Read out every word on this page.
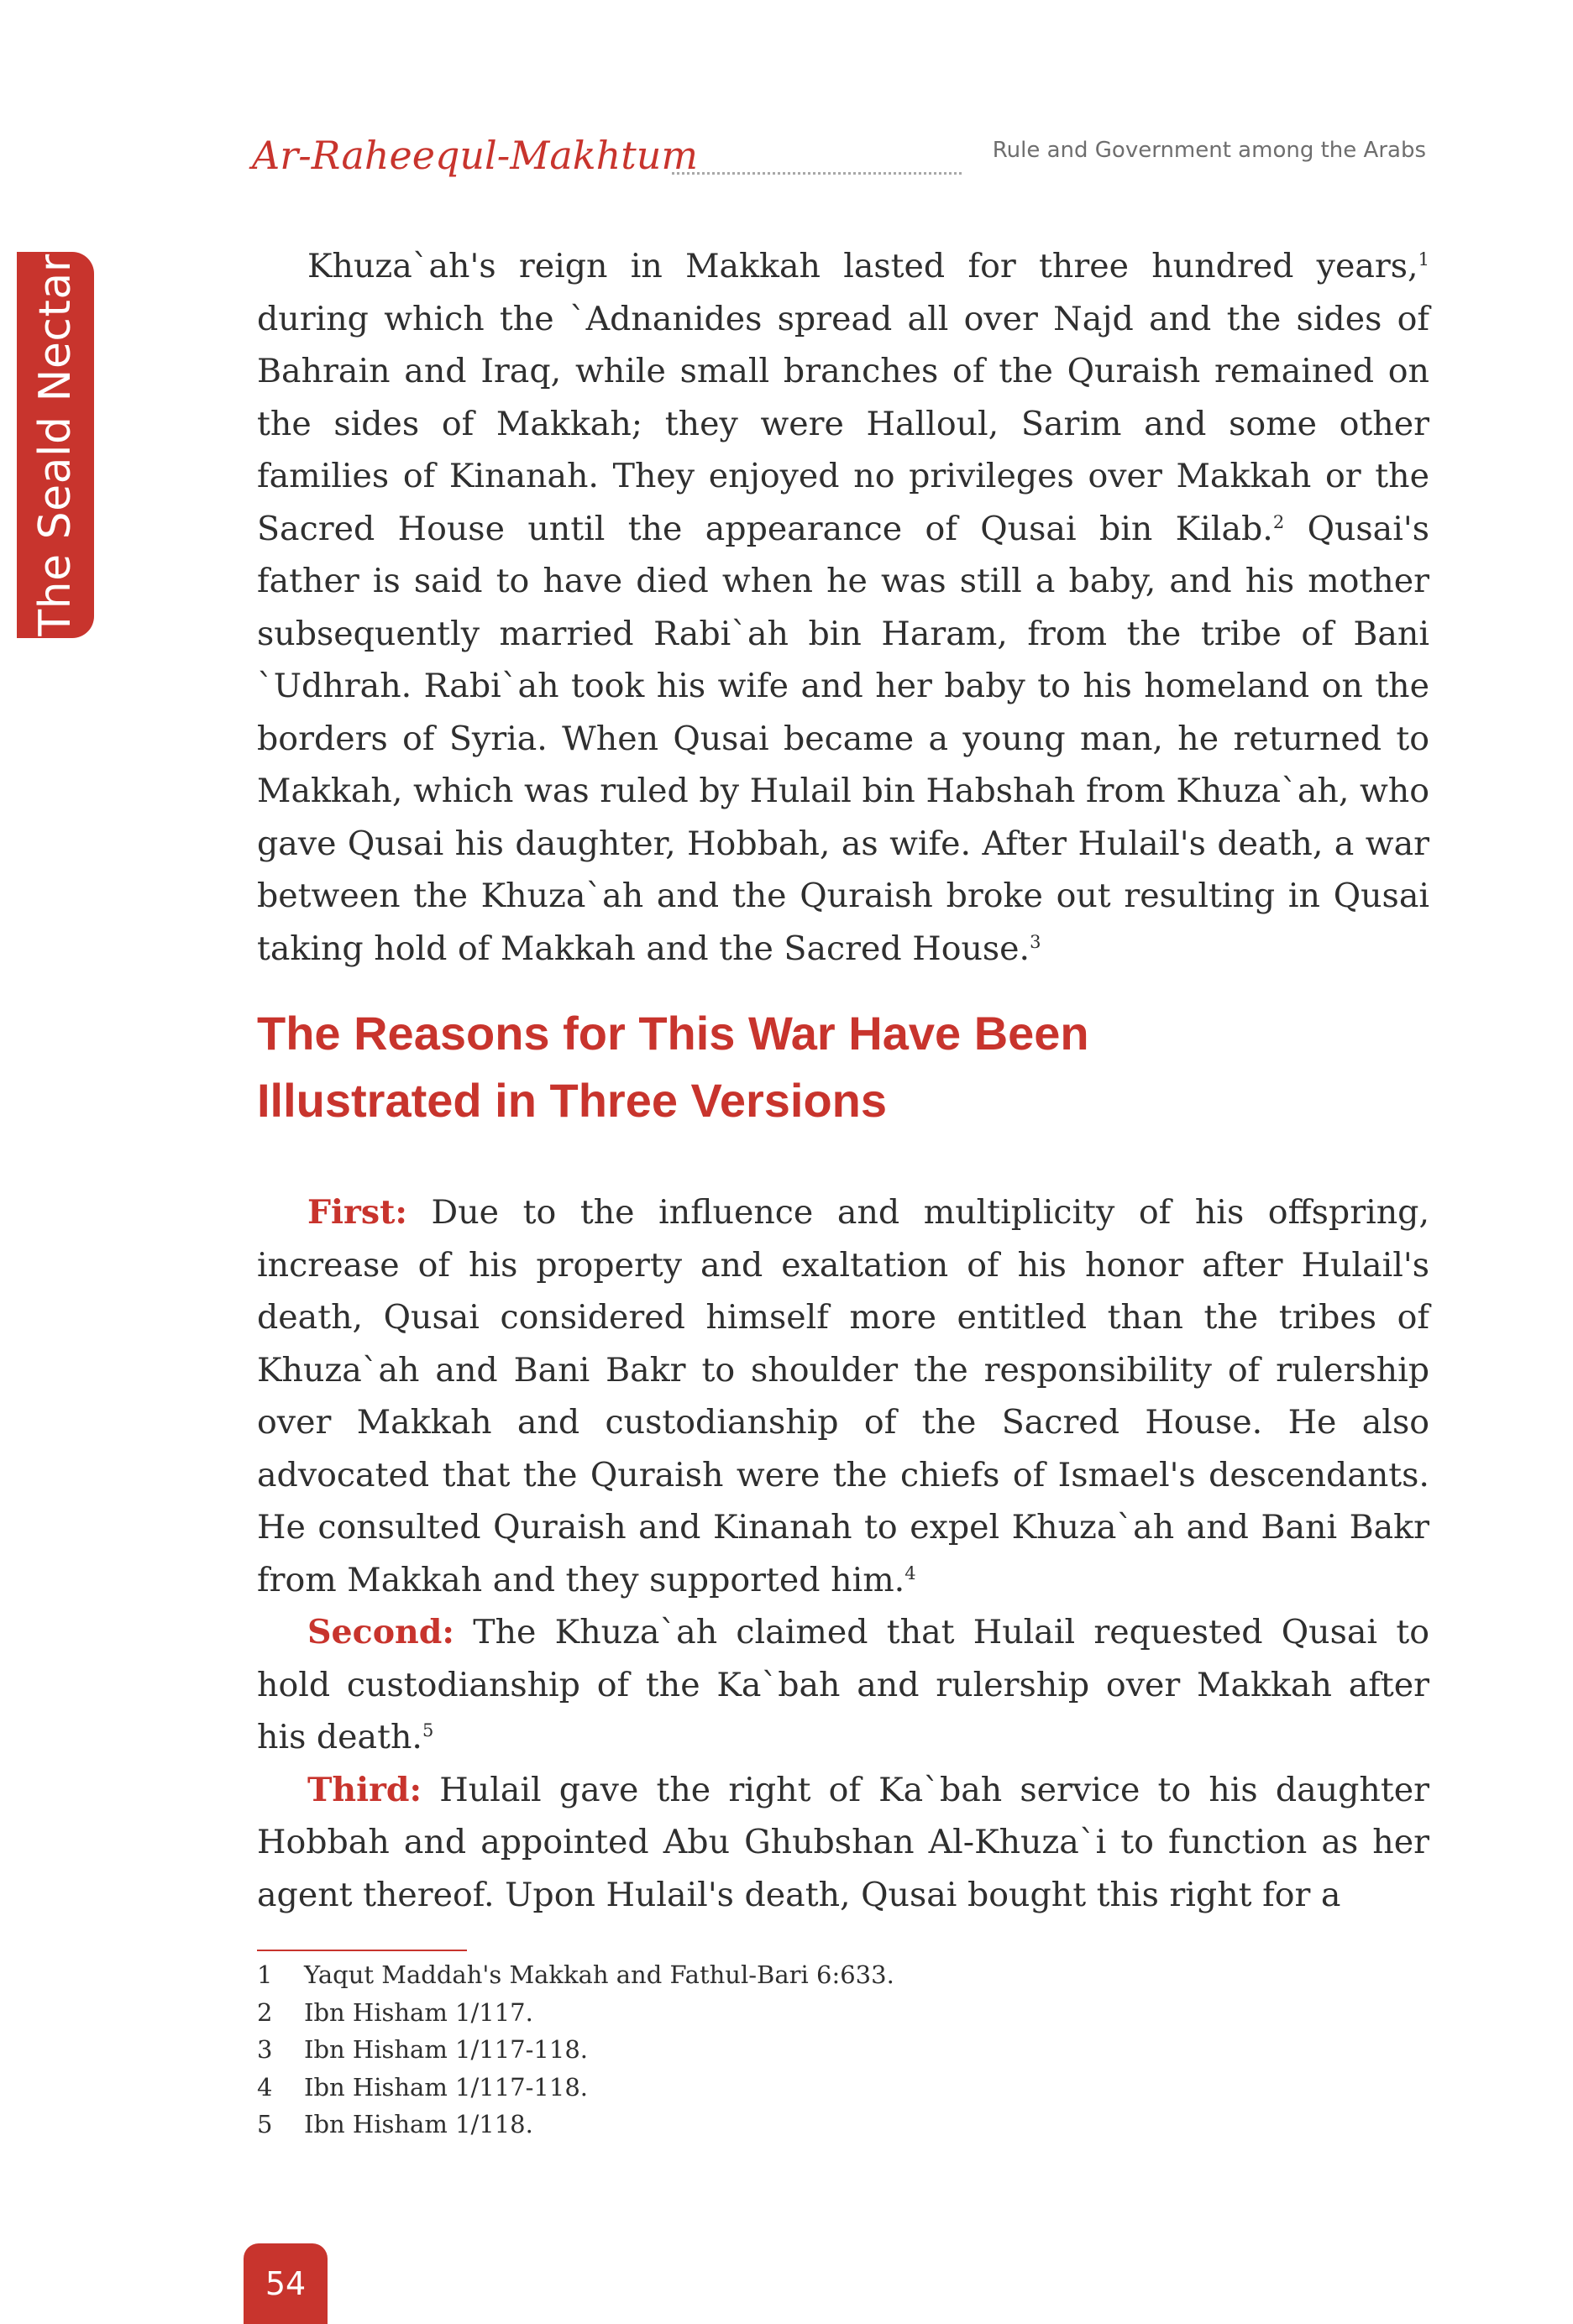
The Seald Nectar
Ar-Raheequl-Makhtum	Rule and Government among the Arabs

Khuza`ah's reign in Makkah lasted for three hundred years,$^1$ during which the `Adnanides spread all over Najd and the sides of Bahrain and Iraq, while small branches of the Quraish remained on the sides of Makkah; they were Halloul, Sarim and some other families of Kinanah. They enjoyed no privileges over Makkah or the Sacred House until the appearance of Qusai bin Kilab.$^2$ Qusai's father is said to have died when he was still a baby, and his mother subsequently married Rabi`ah bin Haram, from the tribe of Bani `Udhrah. Rabi`ah took his wife and her baby to his homeland on the borders of Syria. When Qusai became a young man, he returned to Makkah, which was ruled by Hulail bin Habshah from Khuza`ah, who gave Qusai his daughter, Hobbah, as wife. After Hulail's death, a war between the Khuza`ah and the Quraish broke out resulting in Qusai taking hold of Makkah and the Sacred House.$^3$

The Reasons for This War Have Been
Illustrated in Three Versions

First: Due to the influence and multiplicity of his offspring, increase of his property and exaltation of his honor after Hulail's death, Qusai considered himself more entitled than the tribes of Khuza`ah and Bani Bakr to shoulder the responsibility of rulership over Makkah and custodianship of the Sacred House. He also advocated that the Quraish were the chiefs of Ismael's descendants. He consulted Quraish and Kinanah to expel Khuza`ah and Bani Bakr from Makkah and they supported him.$^4$

Second: The Khuza`ah claimed that Hulail requested Qusai to hold custodianship of the Ka`bah and rulership over Makkah after his death.$^5$

Third: Hulail gave the right of Ka`bah service to his daughter Hobbah and appointed Abu Ghubshan Al-Khuza`i to function as her agent thereof. Upon Hulail's death, Qusai bought this right for a

1	Yaqut Maddah's Makkah and Fathul-Bari 6:633.
2	Ibn Hisham 1/117.
3	Ibn Hisham 1/117-118.
4	Ibn Hisham 1/117-118.
5	Ibn Hisham 1/118.
54
